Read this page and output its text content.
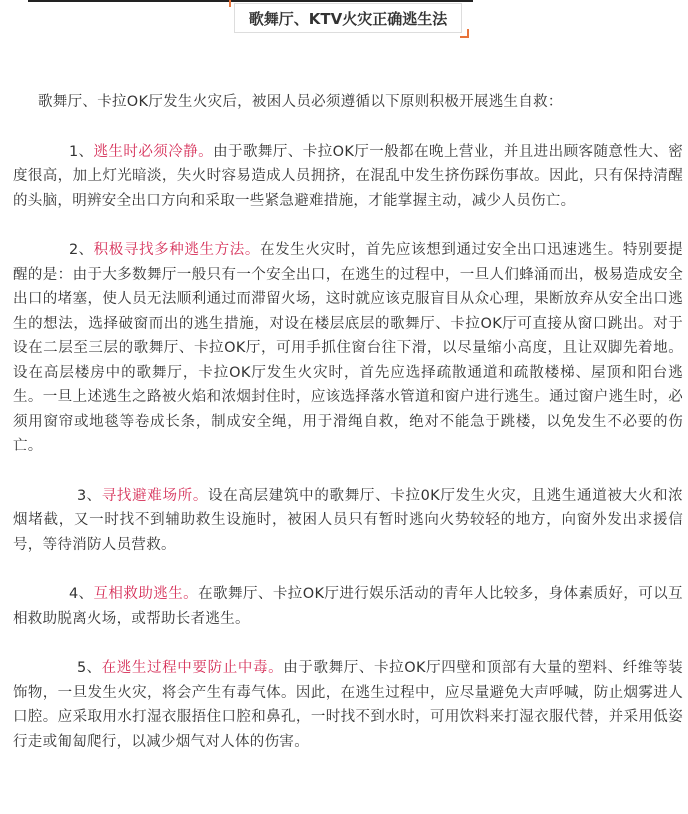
歌舞厅、KTV火灾正确逃生法

歌舞厅、卡拉OK厅发生火灾后，被困人员必须遵循以下原则积极开展逃生自救：

1、逃生时必须冷静。由于歌舞厅、卡拉OK厅一般都在晚上营业，并且进出顾客随意性大、密度很高，加上灯光暗淡，失火时容易造成人员拥挤，在混乱中发生挤伤踩伤事故。因此，只有保持清醒的头脑，明辨安全出口方向和采取一些紧急避难措施，才能掌握主动，减少人员伤亡。

2、积极寻找多种逃生方法。在发生火灾时，首先应该想到通过安全出口迅速逃生。特别要提醒的是：由于大多数舞厅一般只有一个安全出口，在逃生的过程中，一旦人们蜂涌而出，极易造成安全出口的堵塞，使人员无法顺利通过而滞留火场，这时就应该克服盲目从众心理，果断放弃从安全出口逃生的想法，选择破窗而出的逃生措施，对设在楼层底层的歌舞厅、卡拉OK厅可直接从窗口跳出。对于设在二层至三层的歌舞厅、卡拉OK厅，可用手抓住窗台往下滑，以尽量缩小高度，且让双脚先着地。设在高层楼房中的歌舞厅，卡拉OK厅发生火灾时，首先应选择疏散通道和疏散楼梯、屋顶和阳台逃生。一旦上述逃生之路被火焰和浓烟封住时，应该选择落水管道和窗户进行逃生。通过窗户逃生时，必须用窗帘或地毯等卷成长条，制成安全绳，用于滑绳自救，绝对不能急于跳楼，以免发生不必要的伤亡。

3、寻找避难场所。设在高层建筑中的歌舞厅、卡拉0K厅发生火灾，且逃生通道被大火和浓烟堵截，又一时找不到辅助救生设施时，被困人员只有暂时逃向火势较轻的地方，向窗外发出求援信号，等待消防人员营救。

4、互相救助逃生。在歌舞厅、卡拉OK厅进行娱乐活动的青年人比较多，身体素质好，可以互相救助脱离火场，或帮助长者逃生。

5、在逃生过程中要防止中毒。由于歌舞厅、卡拉OK厅四壁和顶部有大量的塑料、纤维等装饰物，一旦发生火灾，将会产生有毒气体。因此，在逃生过程中，应尽量避免大声呼喊，防止烟雾进人口腔。应采取用水打湿衣服捂住口腔和鼻孔，一时找不到水时，可用饮料来打湿衣服代替，并采用低姿行走或匍匐爬行，以减少烟气对人体的伤害。
